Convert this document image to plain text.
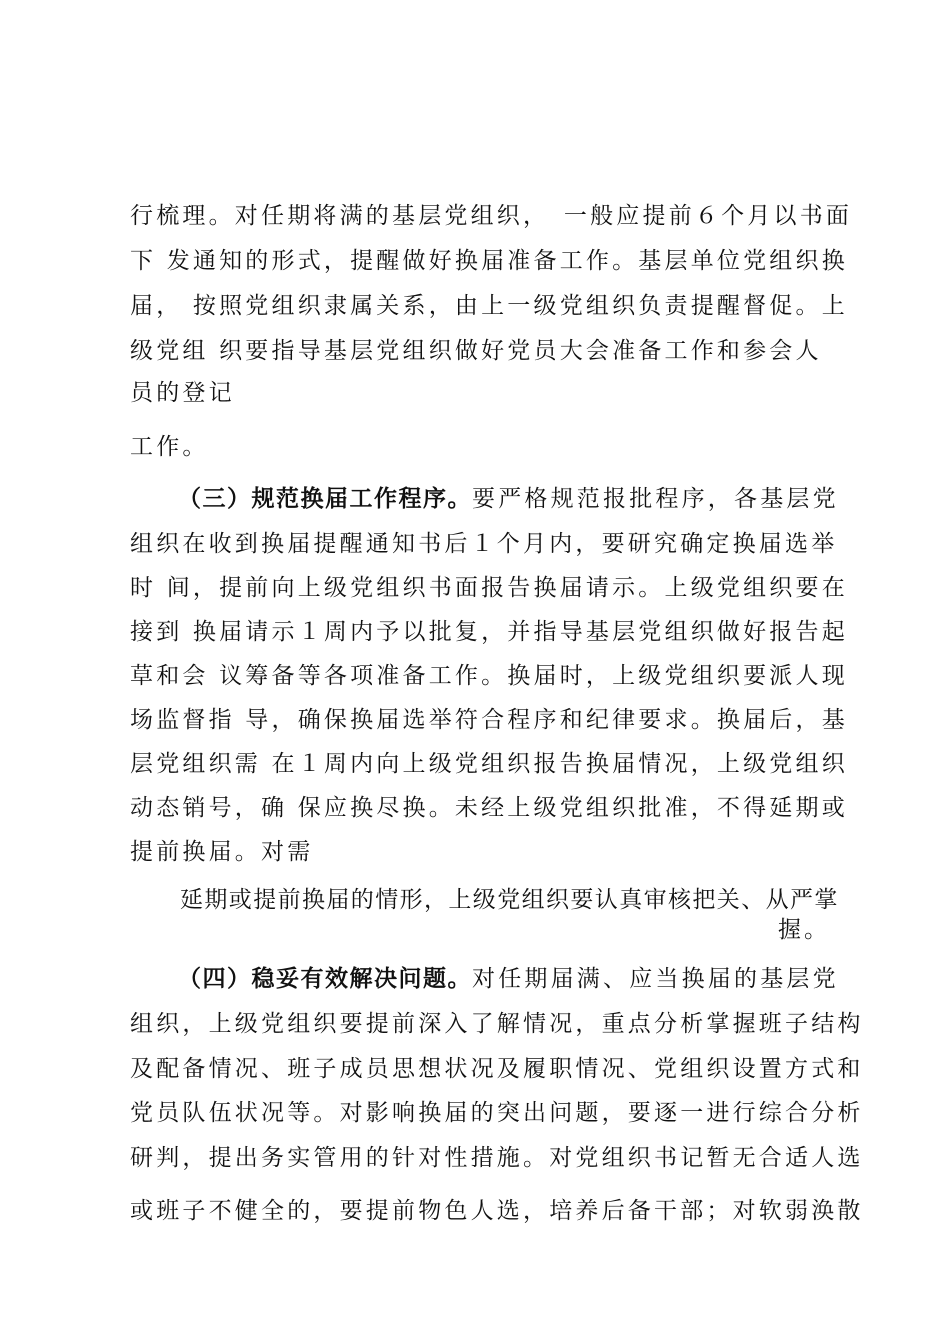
行梳理。对任期将满的基层党组织，　一般应提前６个月以书面
下 发通知的形式，提醒做好换届准备工作。基层单位党组织换
届， 按照党组织隶属关系，由上一级党组织负责提醒督促。上
级党组 织要指导基层党组织做好党员大会准备工作和参会人
员的登记
工作。
（三）规范换届工作程序。要严格规范报批程序，各基层党
组织在收到换届提醒通知书后１个月内，要研究确定换届选举
时 间，提前向上级党组织书面报告换届请示。上级党组织要在
接到 换届请示１周内予以批复，并指导基层党组织做好报告起
草和会 议筹备等各项准备工作。换届时，上级党组织要派人现
场监督指 导，确保换届选举符合程序和纪律要求。换届后，基
层党组织需 在１周内向上级党组织报告换届情况，上级党组织
动态销号，确 保应换尽换。未经上级党组织批准，不得延期或
提前换届。对需
延期或提前换届的情形，上级党组织要认真审核把关、从严掌
握。
（四）稳妥有效解决问题。对任期届满、应当换届的基层党
组织，上级党组织要提前深入了解情况，重点分析掌握班子结构
及配备情况、班子成员思想状况及履职情况、党组织设置方式和
党员队伍状况等。对影响换届的突出问题，要逐一进行综合分析
研判，提出务实管用的针对性措施。对党组织书记暂无合适人选
或班子不健全的，要提前物色人选，培养后备干部；对软弱涣散
